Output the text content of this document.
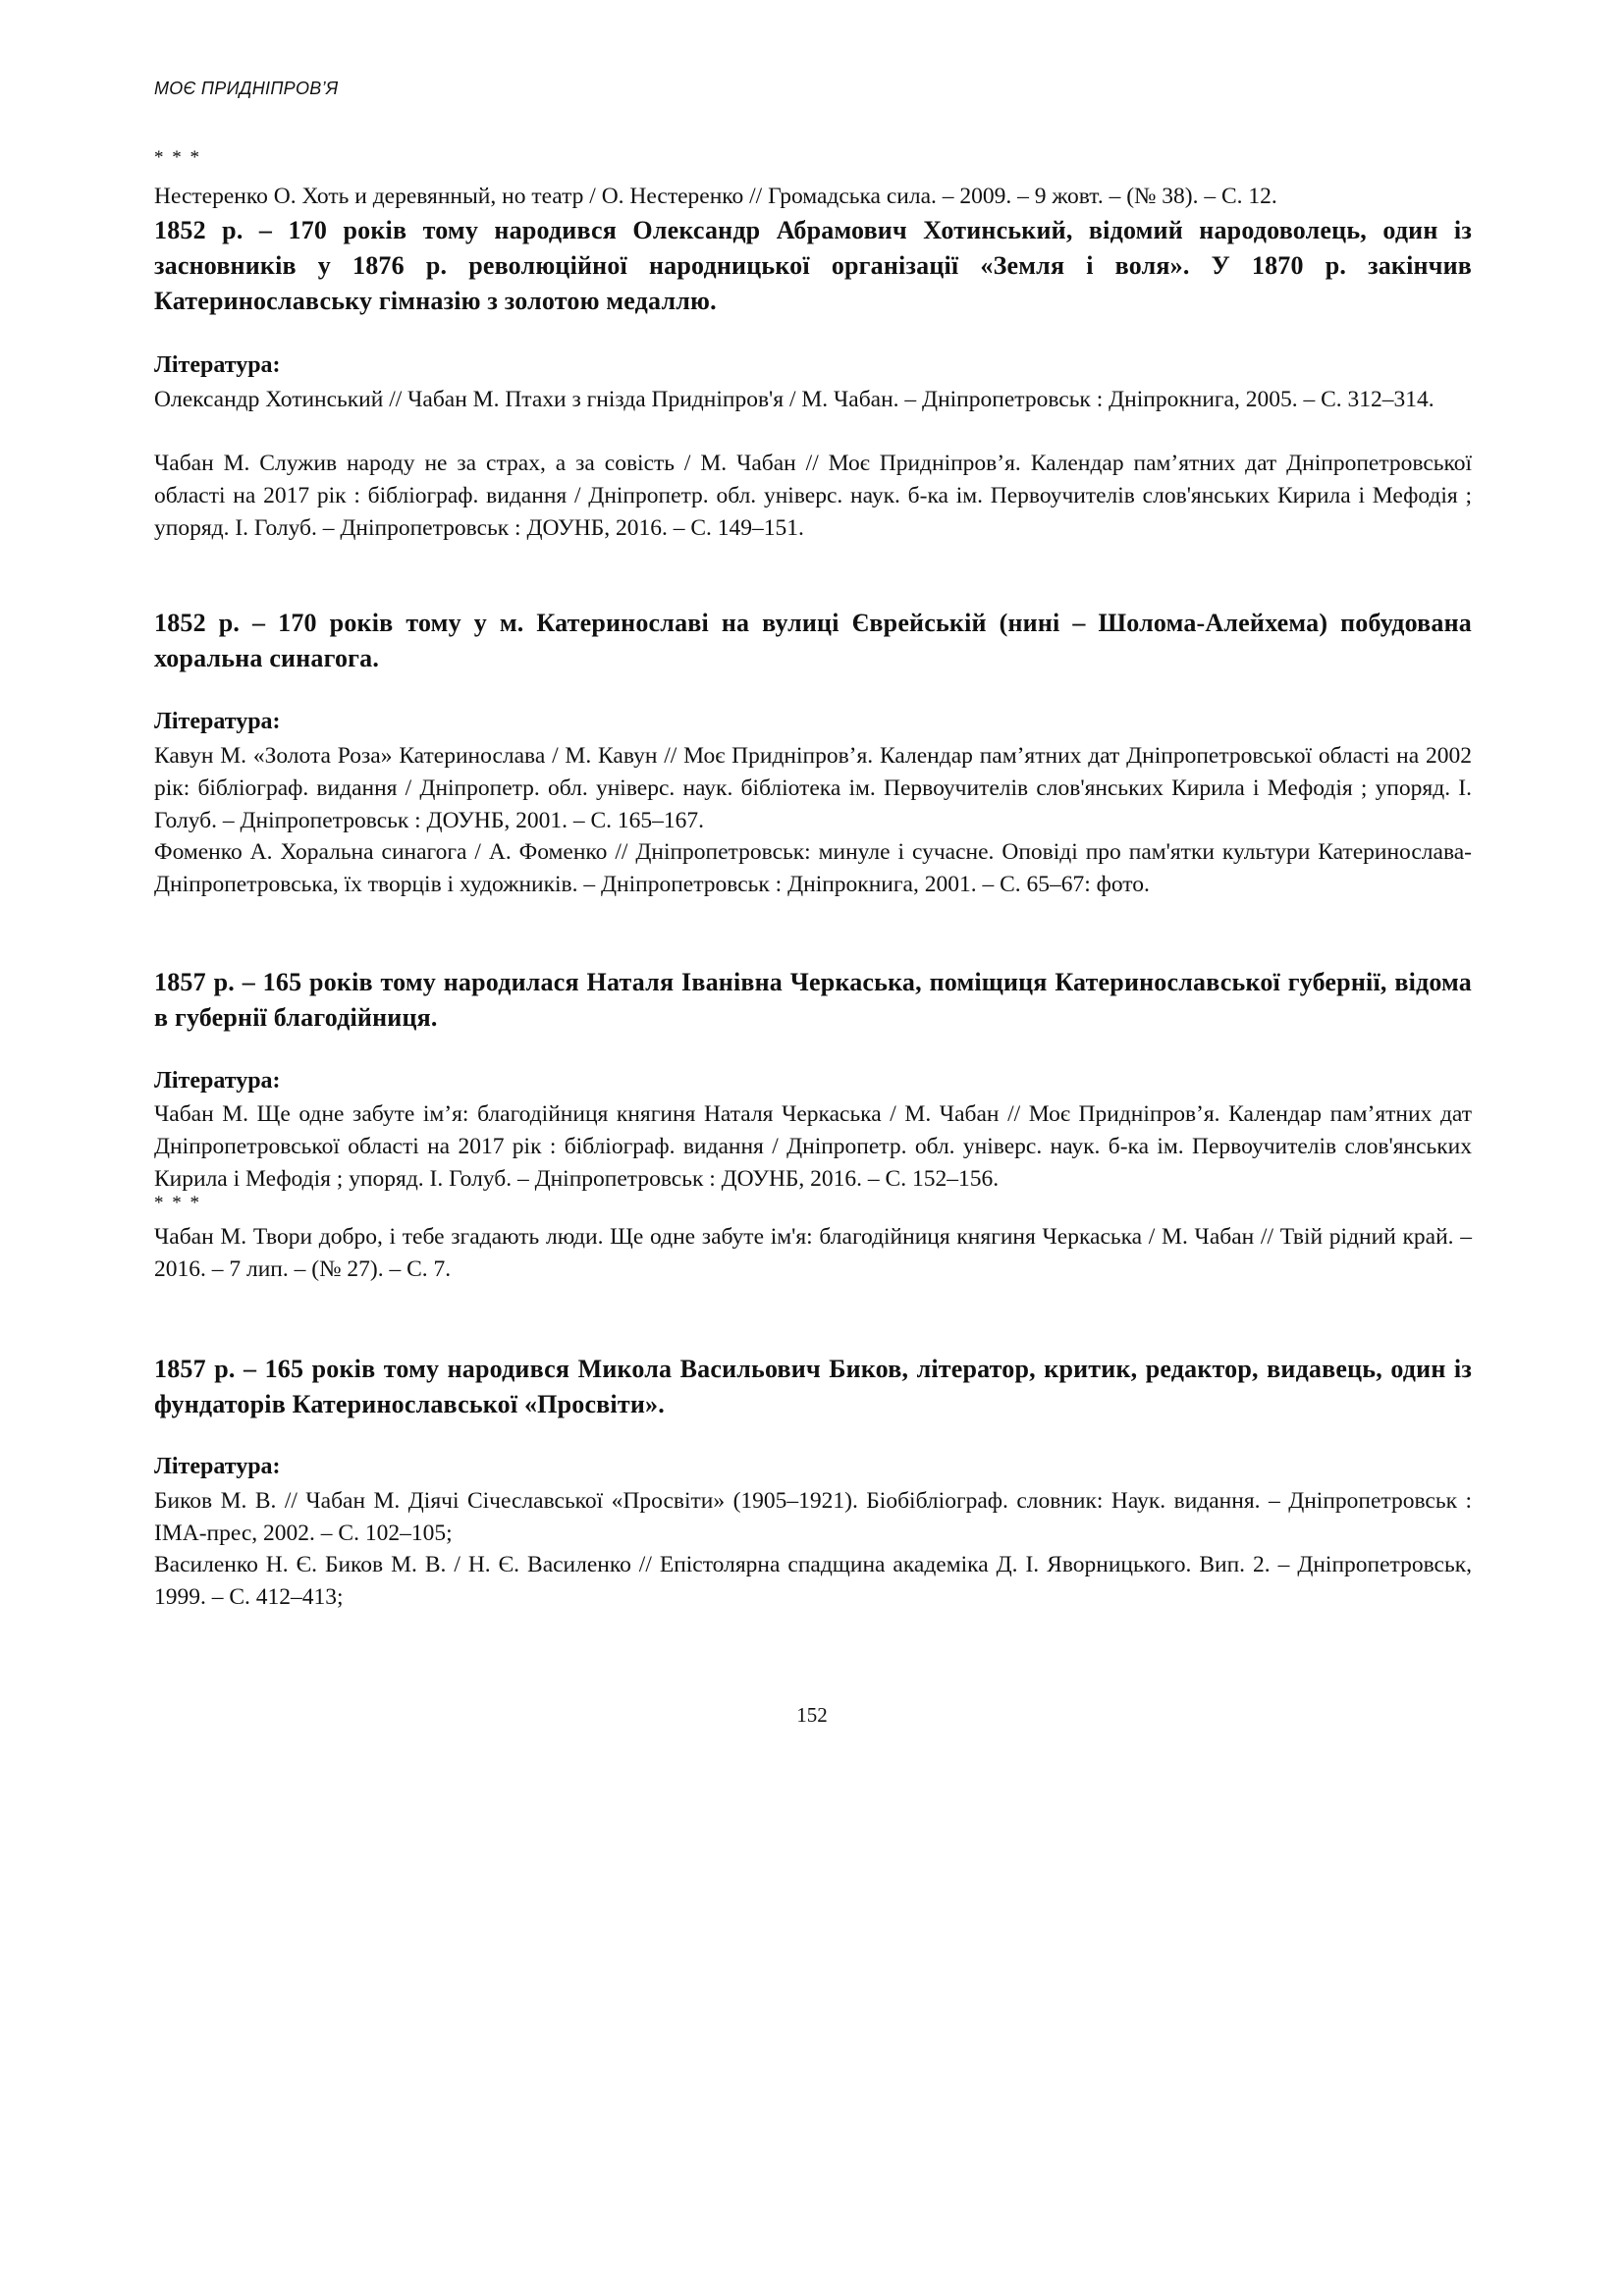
МОЄ ПРИДНІПРОВ’Я
* * *
Нестеренко О. Хоть и деревянный, но театр / О. Нестеренко // Громадська сила. – 2009. – 9 жовт. – (№ 38). – С. 12.
1852 р. – 170 років тому народився Олександр Абрамович Хотинський, відомий народоволець, один із засновників у 1876 р. революційної народницької організації «Земля і воля». У 1870 р. закінчив Катеринославську гімназію з золотою медаллю.
Література:
Олександр Хотинський // Чабан М. Птахи з гнізда Придніпров'я / М. Чабан. – Дніпропетровськ : Дніпрокнига, 2005. – С. 312–314.
Чабан М. Служив народу не за страх, а за совість / М. Чабан // Моє Придніпров’я. Календар пам’ятних дат Дніпропетровської області на 2017 рік : бібліограф. видання / Дніпропетр. обл. універс. наук. б-ка ім. Первоучителів слов'янських Кирила і Мефодія ; упоряд. І. Голуб. – Дніпропетровськ : ДОУНБ, 2016. – С. 149–151.
1852 р. – 170 років тому у м. Катеринославі на вулиці Єврейській (нині – Шолома-Алейхема) побудована хоральна синагога.
Література:
Кавун М. «Золота Роза» Катеринослава / М. Кавун // Моє Придніпров’я. Календар пам’ятних дат Дніпропетровської області на 2002 рік: бібліограф. видання / Дніпропетр. обл. універс. наук. бібліотека ім. Первоучителів слов'янських Кирила і Мефодія ; упоряд. І. Голуб. – Дніпропетровськ : ДОУНБ, 2001. – С. 165–167.
Фоменко А. Хоральна синагога / А. Фоменко // Дніпропетровськ: минуле і сучасне. Оповіді про пам'ятки культури Катеринослава-Дніпропетровська, їх творців і художників. – Дніпропетровськ : Дніпрокнига, 2001. – С. 65–67: фото.
1857 р. – 165 років тому народилася Наталя Іванівна Черкаська, поміщиця Катеринославської губернії, відома в губернії благодійниця.
Література:
Чабан М. Ще одне забуте ім’я: благодійниця княгиня Наталя Черкаська / М. Чабан // Моє Придніпров’я. Календар пам’ятних дат Дніпропетровської області на 2017 рік : бібліограф. видання / Дніпропетр. обл. універс. наук. б-ка ім. Первоучителів слов'янських Кирила і Мефодія ; упоряд. І. Голуб. – Дніпропетровськ : ДОУНБ, 2016. – С. 152–156.
* * *
Чабан М. Твори добро, і тебе згадають люди. Ще одне забуте ім'я: благодійниця княгиня Черкаська / М. Чабан // Твій рідний край. – 2016. – 7 лип. – (№ 27). – С. 7.
1857 р. – 165 років тому народився Микола Васильович Биков, літератор, критик, редактор, видавець, один із фундаторів Катеринославської «Просвіти».
Література:
Биков М. В. // Чабан М. Діячі Січеславської «Просвіти» (1905–1921). Біобібліограф. словник: Наук. видання. – Дніпропетровськ : ІМА-прес, 2002. – С. 102–105;
Василенко Н. Є. Биков М. В. / Н. Є. Василенко // Епістолярна спадщина академіка Д. І. Яворницького. Вип. 2. – Дніпропетровськ, 1999. – С. 412–413;
152
